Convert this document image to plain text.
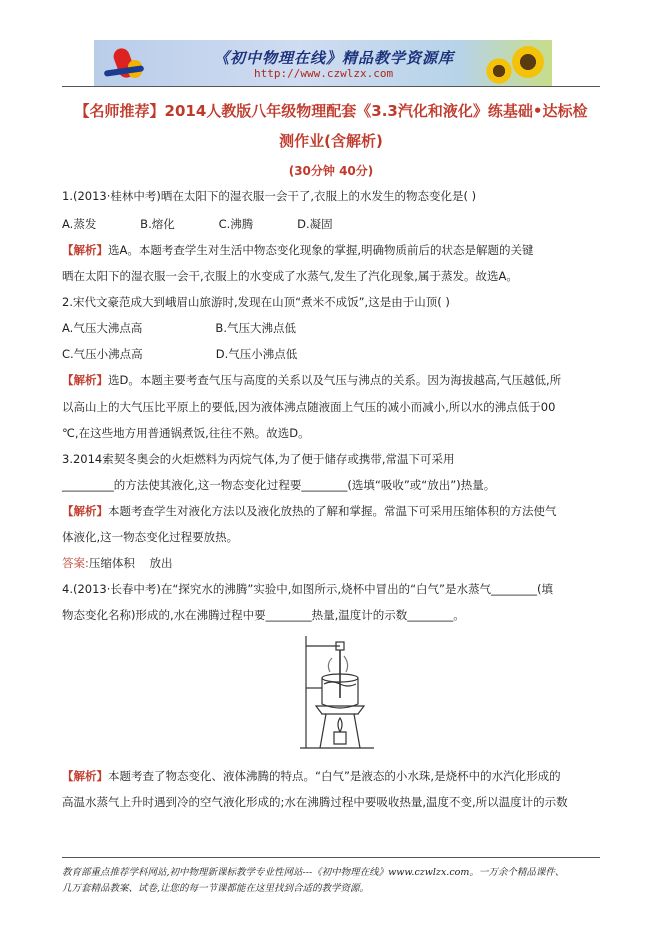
《初中物理在线》精品教学资源库
http://www.czwlzx.com
【名师推荐】2014人教版八年级物理配套《3.3汽化和液化》练基础•达标检
测作业(含解析)
(30分钟 40分)
1.(2013·桂林中考)晒在太阳下的湿衣服一会干了,衣服上的水发生的物态变化是( )
A.蒸发            B.熔化            C.沸腾            D.凝固
【解析】选A。本题考查学生对生活中物态变化现象的掌握,明确物质前后的状态是解题的关键
晒在太阳下的湿衣服一会干,衣服上的水变成了水蒸气,发生了汽化现象,属于蒸发。故选A。
2.宋代文豪范成大到峨眉山旅游时,发现在山顶“煮米不成饭”,这是由于山顶( )
A.气压大沸点高                    B.气压大沸点低
C.气压小沸点高                    D.气压小沸点低
【解析】选D。本题主要考查气压与高度的关系以及气压与沸点的关系。因为海拔越高,气压越低,所
以高山上的大气压比平原上的要低,因为液体沸点随液面上气压的减小而减小,所以水的沸点低于00
℃,在这些地方用普通锅煮饭,往往不熟。故选D。
3.2014索契冬奥会的火炬燃料为丙烷气体,为了便于储存或携带,常温下可采用
_________的方法使其液化,这一物态变化过程要________(选填“吸收”或“放出”)热量。
【解析】本题考查学生对液化方法以及液化放热的了解和掌握。常温下可采用压缩体积的方法使气
体液化,这一物态变化过程要放热。
答案:压缩体积    放出
4.(2013·长春中考)在“探究水的沸腾”实验中,如图所示,烧杯中冒出的“白气”是水蒸气________(填
物态变化名称)形成的,水在沸腾过程中要________热量,温度计的示数________。
【解析】本题考查了物态变化、液体沸腾的特点。“白气”是液态的小水珠,是烧杯中的水汽化形成的
高温水蒸气上升时遇到冷的空气液化形成的;水在沸腾过程中要吸收热量,温度不变,所以温度计的示数
教育部重点推荐学科网站,初中物理新课标教学专业性网站---《初中物理在线》www.czwlzx.com。一万余个精品课件、
几万套精品教案、试卷,让您的每一节课都能在这里找到合适的教学资源。
